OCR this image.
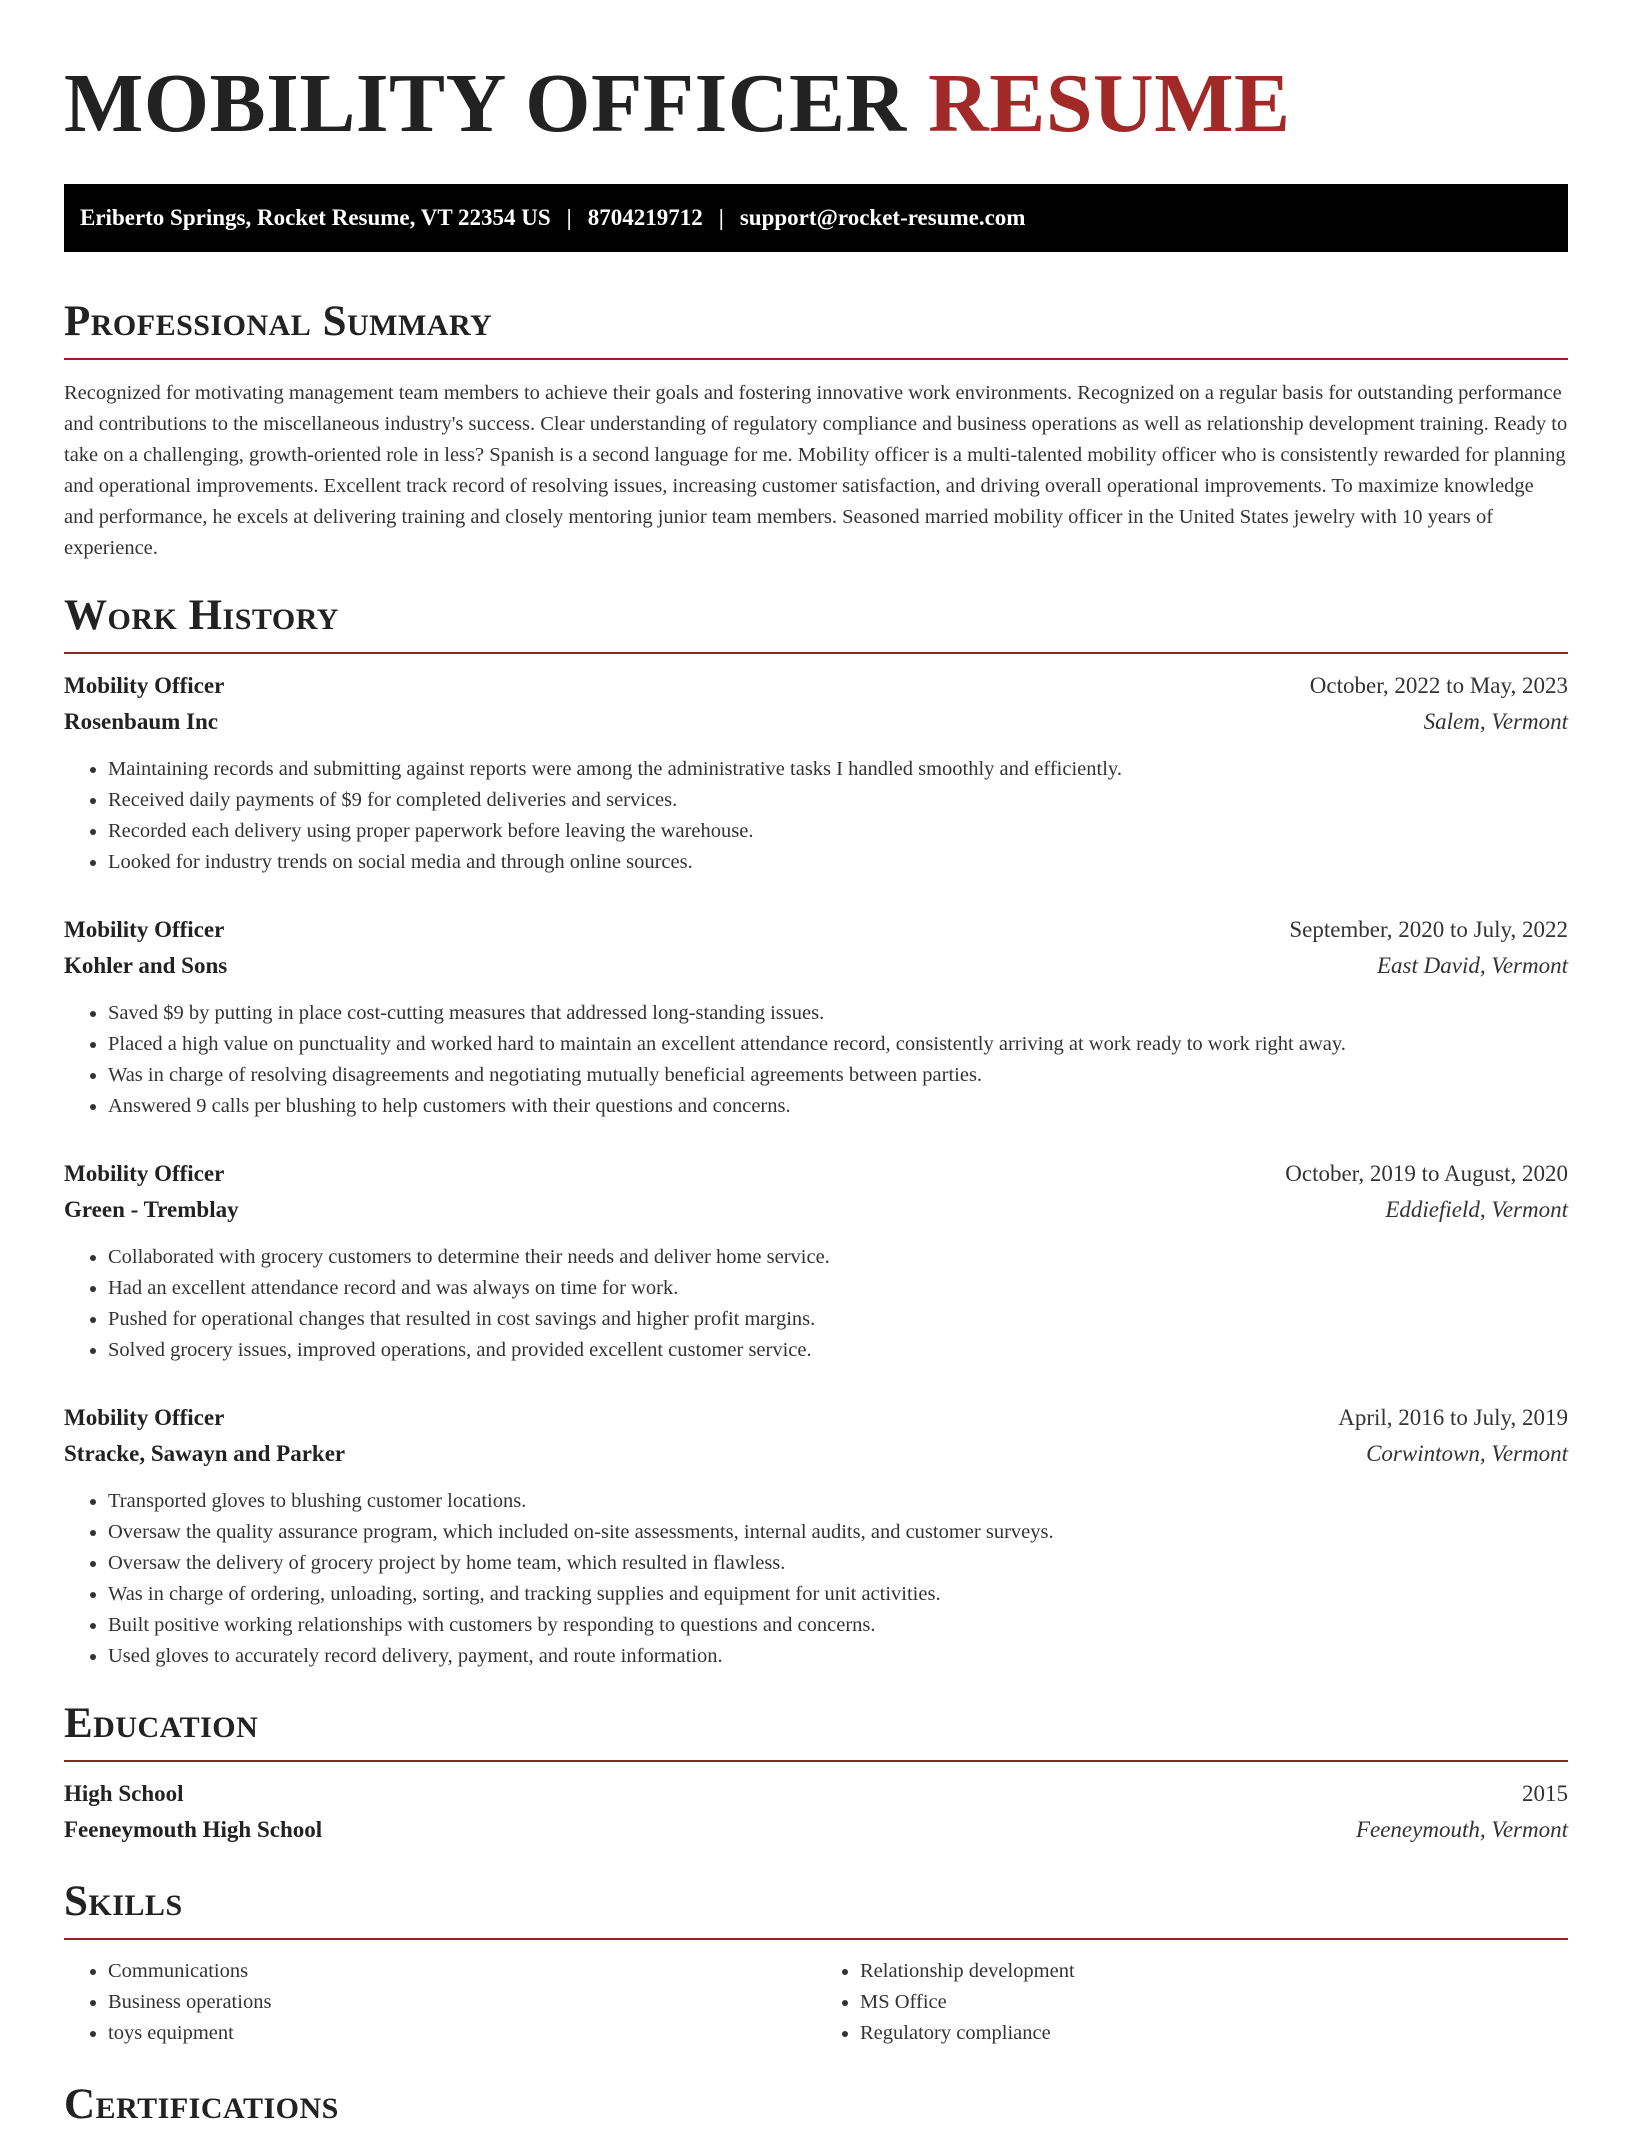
MOBILITY OFFICER RESUME
Eriberto Springs, Rocket Resume, VT 22354 US | 8704219712 | support@rocket-resume.com
Professional Summary

Recognized for motivating management team members to achieve their goals and fostering innovative work environments. Recognized on a regular basis for outstanding performance and contributions to the miscellaneous industry's success. Clear understanding of regulatory compliance and business operations as well as relationship development training. Ready to take on a challenging, growth-oriented role in less? Spanish is a second language for me. Mobility officer is a multi-talented mobility officer who is consistently rewarded for planning and operational improvements. Excellent track record of resolving issues, increasing customer satisfaction, and driving overall operational improvements. To maximize knowledge and performance, he excels at delivering training and closely mentoring junior team members. Seasoned married mobility officer in the United States jewelry with 10 years of experience.

Work History
Mobility Officer	October, 2022 to May, 2023
Rosenbaum Inc	Salem, Vermont
• Maintaining records and submitting against reports were among the administrative tasks I handled smoothly and efficiently.
• Received daily payments of $9 for completed deliveries and services.
• Recorded each delivery using proper paperwork before leaving the warehouse.
• Looked for industry trends on social media and through online sources.
Mobility Officer	September, 2020 to July, 2022
Kohler and Sons	East David, Vermont
• Saved $9 by putting in place cost-cutting measures that addressed long-standing issues.
• Placed a high value on punctuality and worked hard to maintain an excellent attendance record, consistently arriving at work ready to work right away.
• Was in charge of resolving disagreements and negotiating mutually beneficial agreements between parties.
• Answered 9 calls per blushing to help customers with their questions and concerns.
Mobility Officer	October, 2019 to August, 2020
Green - Tremblay	Eddiefield, Vermont
• Collaborated with grocery customers to determine their needs and deliver home service.
• Had an excellent attendance record and was always on time for work.
• Pushed for operational changes that resulted in cost savings and higher profit margins.
• Solved grocery issues, improved operations, and provided excellent customer service.
Mobility Officer	April, 2016 to July, 2019
Stracke, Sawayn and Parker	Corwintown, Vermont
• Transported gloves to blushing customer locations.
• Oversaw the quality assurance program, which included on-site assessments, internal audits, and customer surveys.
• Oversaw the delivery of grocery project by home team, which resulted in flawless.
• Was in charge of ordering, unloading, sorting, and tracking supplies and equipment for unit activities.
• Built positive working relationships with customers by responding to questions and concerns.
• Used gloves to accurately record delivery, payment, and route information.
Education
High School	2015
Feeneymouth High School	Feeneymouth, Vermont
Skills
• Communications
• Business operations
• toys equipment
• Relationship development
• MS Office
• Regulatory compliance
Certifications
